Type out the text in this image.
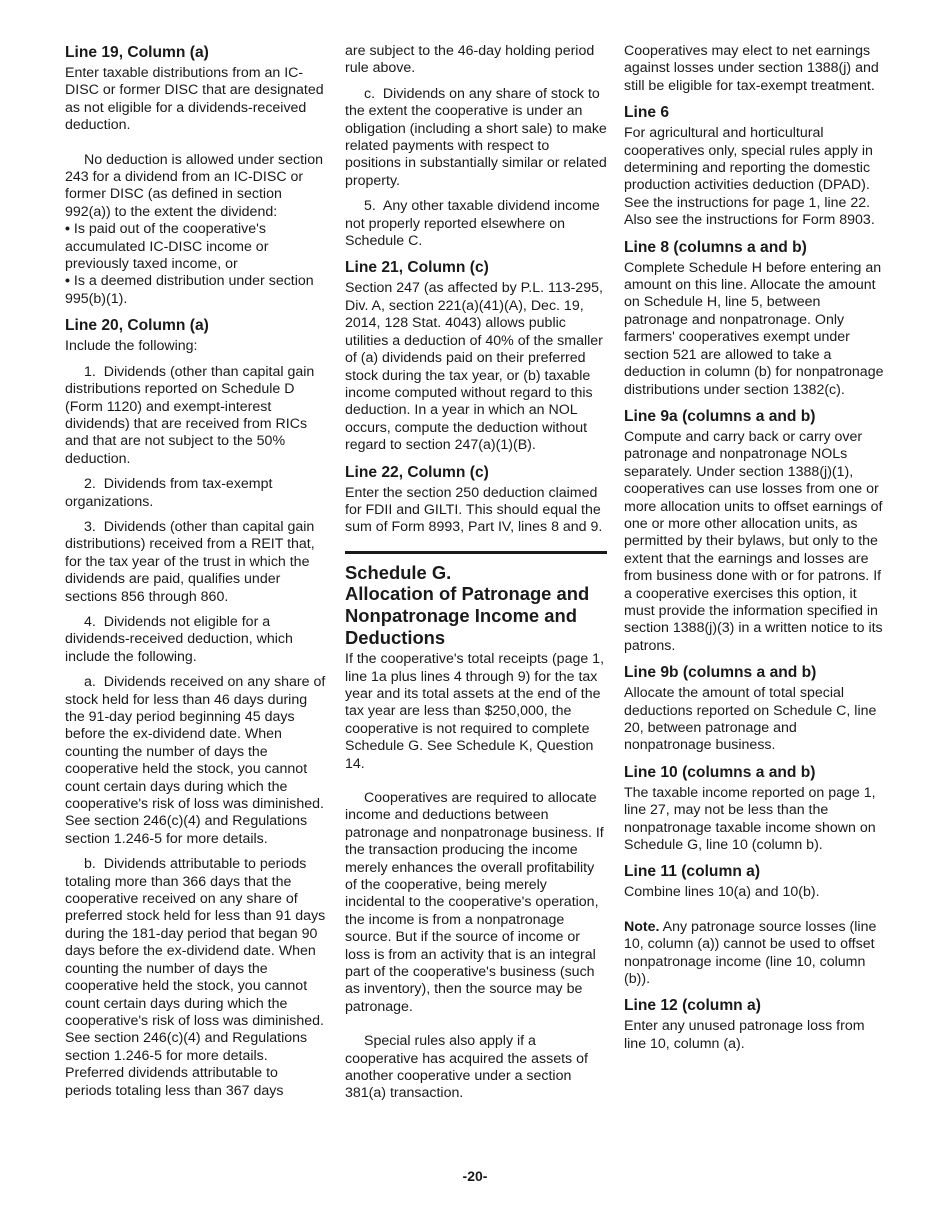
Line 19, Column (a)

Enter taxable distributions from an IC-DISC or former DISC that are designated as not eligible for a dividends-received deduction.

No deduction is allowed under section 243 for a dividend from an IC-DISC or former DISC (as defined in section 992(a)) to the extent the dividend:

• Is paid out of the cooperative's accumulated IC-DISC income or previously taxed income, or
• Is a deemed distribution under section 995(b)(1).
Line 20, Column (a)

Include the following:

1.  Dividends (other than capital gain distributions reported on Schedule D (Form 1120) and exempt-interest dividends) that are received from RICs and that are not subject to the 50% deduction.

2.  Dividends from tax-exempt organizations.

3.  Dividends (other than capital gain distributions) received from a REIT that, for the tax year of the trust in which the dividends are paid, qualifies under sections 856 through 860.

4.  Dividends not eligible for a dividends-received deduction, which include the following.

a.  Dividends received on any share of stock held for less than 46 days during the 91-day period beginning 45 days before the ex-dividend date. When counting the number of days the cooperative held the stock, you cannot count certain days during which the cooperative's risk of loss was diminished. See section 246(c)(4) and Regulations section 1.246-5 for more details.

b.  Dividends attributable to periods totaling more than 366 days that the cooperative received on any share of preferred stock held for less than 91 days during the 181-day period that began 90 days before the ex-dividend date. When counting the number of days the cooperative held the stock, you cannot count certain days during which the cooperative's risk of loss was diminished. See section 246(c)(4) and Regulations section 1.246-5 for more details. Preferred dividends attributable to periods totaling less than 367 days

are subject to the 46-day holding period rule above.

c.  Dividends on any share of stock to the extent the cooperative is under an obligation (including a short sale) to make related payments with respect to positions in substantially similar or related property.

5.  Any other taxable dividend income not properly reported elsewhere on Schedule C.

Line 21, Column (c)

Section 247 (as affected by P.L. 113-295, Div. A, section 221(a)(41)(A), Dec. 19, 2014, 128 Stat. 4043) allows public utilities a deduction of 40% of the smaller of (a) dividends paid on their preferred stock during the tax year, or (b) taxable income computed without regard to this deduction. In a year in which an NOL occurs, compute the deduction without regard to section 247(a)(1)(B).

Line 22, Column (c)

Enter the section 250 deduction claimed for FDII and GILTI. This should equal the sum of Form 8993, Part IV, lines 8 and 9.

Schedule G.
Allocation of Patronage and Nonpatronage Income and Deductions

If the cooperative's total receipts (page 1, line 1a plus lines 4 through 9) for the tax year and its total assets at the end of the tax year are less than $250,000, the cooperative is not required to complete Schedule G. See Schedule K, Question 14.

Cooperatives are required to allocate income and deductions between patronage and nonpatronage business. If the transaction producing the income merely enhances the overall profitability of the cooperative, being merely incidental to the cooperative's operation, the income is from a nonpatronage source. But if the source of income or loss is from an activity that is an integral part of the cooperative's business (such as inventory), then the source may be patronage.

Special rules also apply if a cooperative has acquired the assets of another cooperative under a section 381(a) transaction.

Cooperatives may elect to net earnings against losses under section 1388(j) and still be eligible for tax-exempt treatment.

Line 6

For agricultural and horticultural cooperatives only, special rules apply in determining and reporting the domestic production activities deduction (DPAD). See the instructions for page 1, line 22. Also see the instructions for Form 8903.

Line 8 (columns a and b)

Complete Schedule H before entering an amount on this line. Allocate the amount on Schedule H, line 5, between patronage and nonpatronage. Only farmers' cooperatives exempt under section 521 are allowed to take a deduction in column (b) for nonpatronage distributions under section 1382(c).

Line 9a (columns a and b)

Compute and carry back or carry over patronage and nonpatronage NOLs separately. Under section 1388(j)(1), cooperatives can use losses from one or more allocation units to offset earnings of one or more other allocation units, as permitted by their bylaws, but only to the extent that the earnings and losses are from business done with or for patrons. If a cooperative exercises this option, it must provide the information specified in section 1388(j)(3) in a written notice to its patrons.

Line 9b (columns a and b)

Allocate the amount of total special deductions reported on Schedule C, line 20, between patronage and nonpatronage business.

Line 10 (columns a and b)

The taxable income reported on page 1, line 27, may not be less than the nonpatronage taxable income shown on Schedule G, line 10 (column b).

Line 11 (column a)

Combine lines 10(a) and 10(b).

Note. Any patronage source losses (line 10, column (a)) cannot be used to offset nonpatronage income (line 10, column (b)).

Line 12 (column a)

Enter any unused patronage loss from line 10, column (a).

-20-
